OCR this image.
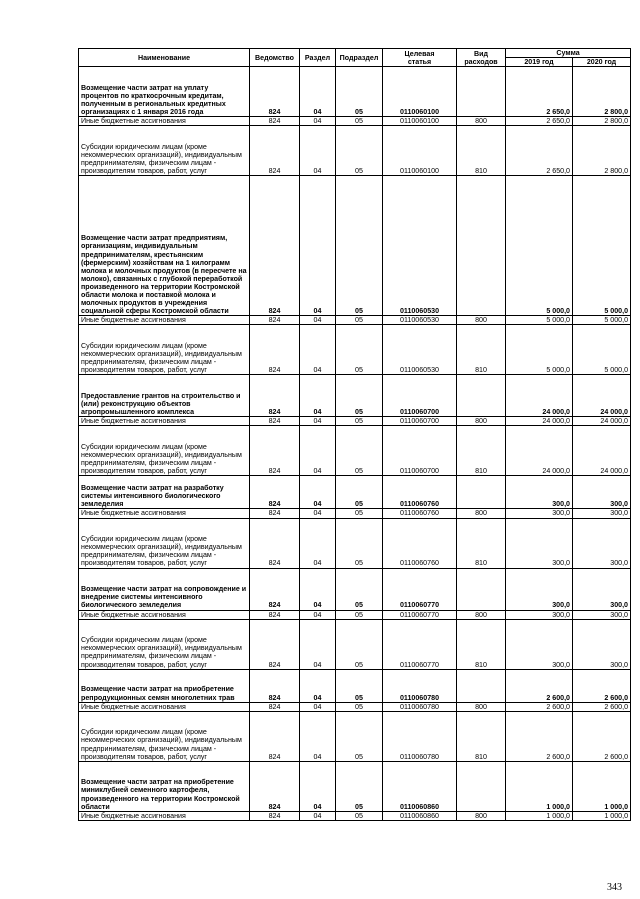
Наименование	Ведомство	Раздел	Подраздел	Целевая
статья	Вид
расходов	Сумма	
						2019 год	2020 год
Возмещение части затрат на уплату процентов по краткосрочным кредитам, полученным в региональных кредитных организациях с 1 января 2016 года	824	04	05	0110060100		2 650,0	2 800,0
Иные бюджетные ассигнования	824	04	05	0110060100	800	2 650,0	2 800,0
Субсидии юридическим лицам (кроме некоммерческих организаций), индивидуальным предпринимателям, физическим лицам - производителям товаров, работ, услуг	824	04	05	0110060100	810	2 650,0	2 800,0
Возмещение части затрат предприятиям, организациям, индивидуальным предпринимателям, крестьянским (фермерским) хозяйствам на 1 килограмм молока и молочных продуктов (в пересчете на молоко), связанных с глубокой переработкой произведенного на территории Костромской области молока и поставкой молока и молочных продуктов в учреждения социальной сферы Костромской области	824	04	05	0110060530		5 000,0	5 000,0
Иные бюджетные ассигнования	824	04	05	0110060530	800	5 000,0	5 000,0
Субсидии юридическим лицам (кроме некоммерческих организаций), индивидуальным предпринимателям, физическим лицам - производителям товаров, работ, услуг	824	04	05	0110060530	810	5 000,0	5 000,0
Предоставление грантов на строительство и (или) реконструкцию объектов агропромышленного комплекса	824	04	05	0110060700		24 000,0	24 000,0
Иные бюджетные ассигнования	824	04	05	0110060700	800	24 000,0	24 000,0
Субсидии юридическим лицам (кроме некоммерческих организаций), индивидуальным предпринимателям, физическим лицам - производителям товаров, работ, услуг	824	04	05	0110060700	810	24 000,0	24 000,0
Возмещение части затрат на разработку системы интенсивного биологического земледелия	824	04	05	0110060760		300,0	300,0
Иные бюджетные ассигнования	824	04	05	0110060760	800	300,0	300,0
Субсидии юридическим лицам (кроме некоммерческих организаций), индивидуальным предпринимателям, физическим лицам - производителям товаров, работ, услуг	824	04	05	0110060760	810	300,0	300,0
Возмещение части затрат на сопровождение и внедрение системы интенсивного биологического земледелия	824	04	05	0110060770		300,0	300,0
Иные бюджетные ассигнования	824	04	05	0110060770	800	300,0	300,0
Субсидии юридическим лицам (кроме некоммерческих организаций), индивидуальным предпринимателям, физическим лицам - производителям товаров, работ, услуг	824	04	05	0110060770	810	300,0	300,0
Возмещение части затрат на приобретение репродукционных семян многолетних трав	824	04	05	0110060780		2 600,0	2 600,0
Иные бюджетные ассигнования	824	04	05	0110060780	800	2 600,0	2 600,0
Субсидии юридическим лицам (кроме некоммерческих организаций), индивидуальным предпринимателям, физическим лицам - производителям товаров, работ, услуг	824	04	05	0110060780	810	2 600,0	2 600,0
Возмещение части затрат на приобретение миниклубней семенного картофеля, произведенного на территории Костромской области	824	04	05	0110060860		1 000,0	1 000,0
Иные бюджетные ассигнования	824	04	05	0110060860	800	1 000,0	1 000,0
343
